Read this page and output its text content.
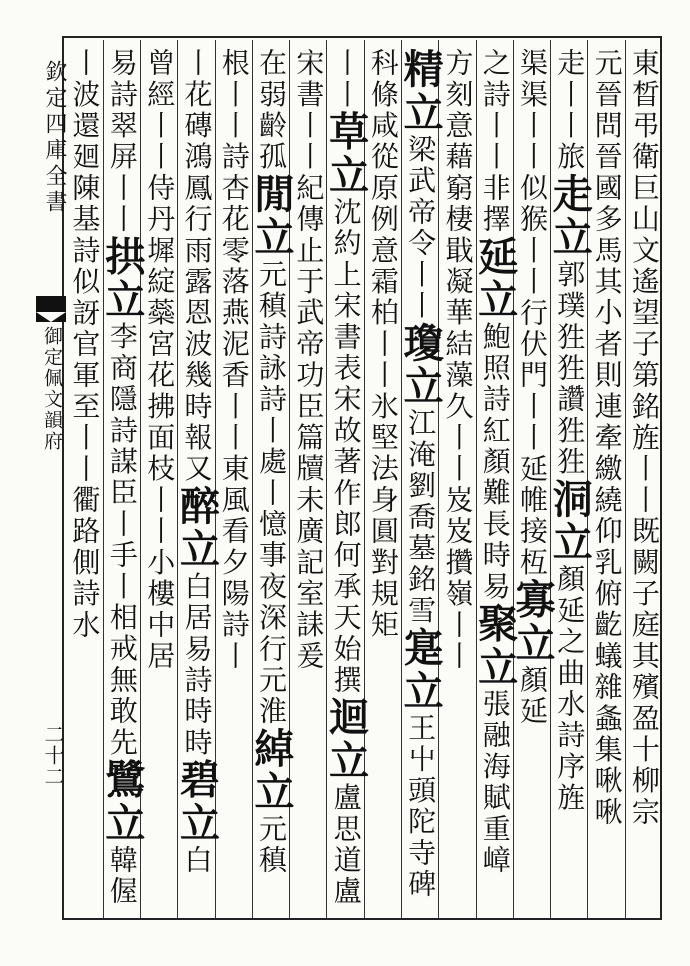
欽定四庫全書
御定佩文韻府
二十二	東晳弔衛巨山文遙望子第銘旌丨丨既闕子庭其殯盈十柳宗
元晉問晉國多馬其小者則連牽繳繞仰乳俯齕蟻雜螽集啾啾
走丨丨旅走立郭璞狌狌讚狌狌洞立顏延之曲水詩序旌
渠渠丨丨似猴丨丨行伏門丨丨延帷接枑寡立顏延
之詩丨丨非擇延立鮑照詩紅顏難長時易聚立張融海賦重嶂
方刻意藉窮棲戢凝華結藻久丨丨岌岌攢嶺丨丨
精立梁武帝令丨丨瓊立江淹劉喬墓銘雪寔立王屮頭陀寺碑
科條咸從原例意霜柏丨丨氷堅法身圓對規矩
丨丨草立沈約上宋書表宋故著作郎何承天始撰迴立盧思道盧
宋書丨丨紀傳止于武帝功臣篇牘未廣記室誄爰
在弱齡孤閒立元稹詩詠詩丨處丨憶事夜深行元淮綽立元稹
根丨丨詩杏花零落燕泥香丨丨東風看夕陽詩丨
丨花磚鴻鳳行雨露恩波幾時報又醉立白居易詩時時碧立白
曾經丨丨侍丹墀綻蘂宮花拂面枝丨丨小樓中居
易詩翠屏丨丨拱立李商隱詩謀臣丨手丨相戒無敢先鷺立韓偓
丨波還廻陳基詩似訝官軍至丨丨衢路側詩水
